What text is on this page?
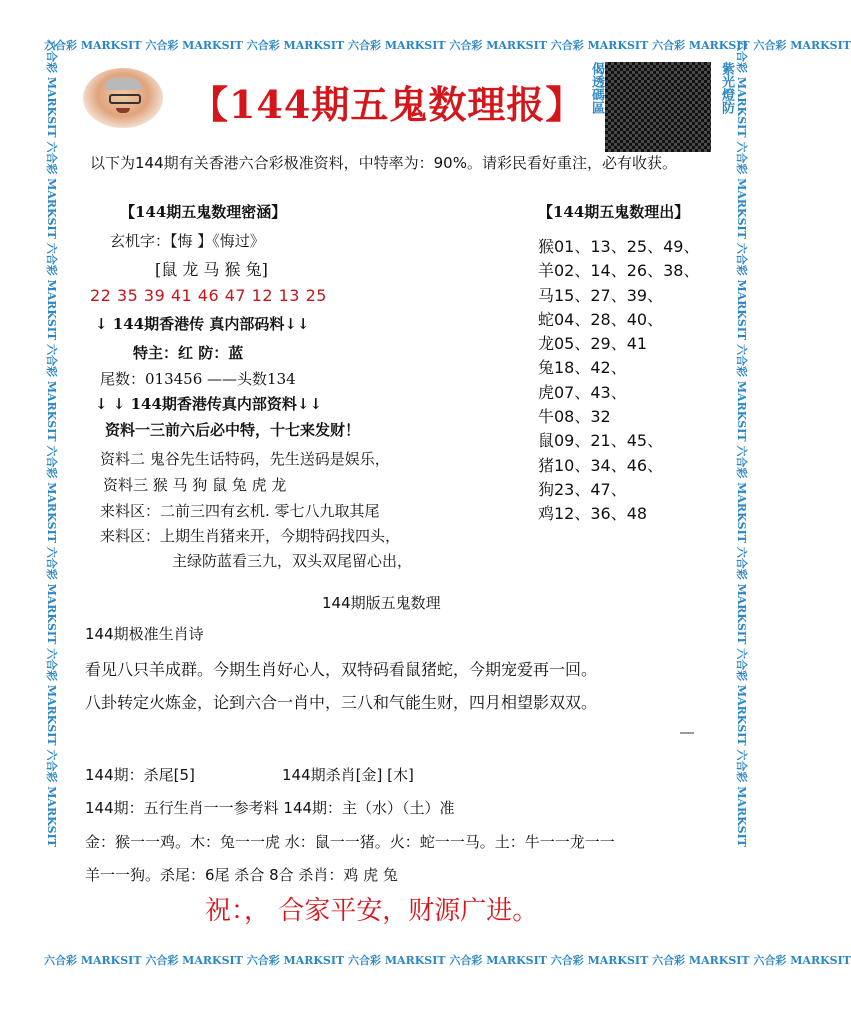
六合彩 MARKSIT 六合彩 MARKSIT 六合彩 MARKSIT 六合彩 MARKSIT 六合彩 MARKSIT 六合彩 MARKSIT 六合彩 MARKSIT 六合彩 MARKSIT
六合彩 MARKSIT 六合彩 MARKSIT 六合彩 MARKSIT 六合彩 MARKSIT 六合彩 MARKSIT 六合彩 MARKSIT 六合彩 MARKSIT 六合彩 MARKSIT
六合彩 MARKSIT 六合彩 MARKSIT 六合彩 MARKSIT 六合彩 MARKSIT 六合彩 MARKSIT 六合彩 MARKSIT 六合彩 MARKSIT 六合彩 MARKSIT	六合彩 MARKSIT 六合彩 MARKSIT 六合彩 MARKSIT 六合彩 MARKSIT 六合彩 MARKSIT 六合彩 MARKSIT 六合彩 MARKSIT 六合彩 MARKSIT
【144期五鬼数理报】 偈透碼區	紫光燈防
以下为144期有关香港六合彩极准资料，中特率为：90%。请彩民看好重注，必有收获。
【144期五鬼数理密涵】
玄机字：【悔 】《悔过》
[鼠 龙 马 猴 兔]
22 35 39 41 46 47 12 13 25
↓ 144期香港传 真内部码料↓↓
特主：红 防：蓝
尾数：013456 ——头数134
↓ ↓ 144期香港传真内部资料↓↓
资料一三前六后必中特，十七来发财！
资料二 鬼谷先生话特码，先生送码是娱乐，
资料三 猴 马 狗 鼠 兔 虎 龙
来料区：二前三四有玄机. 零七八九取其尾
来料区：上期生肖猪来开，今期特码找四头，
主绿防蓝看三九，双头双尾留心出，
【144期五鬼数理出】
猴01、13、25、49、
羊02、14、26、38、
马15、27、39、
蛇04、28、40、
龙05、29、41
兔18、42、
虎07、43、
牛08、32
鼠09、21、45、
猪10、34、46、
狗23、47、
鸡12、36、48
144期版五鬼数理
144期极准生肖诗
看见八只羊成群。今期生肖好心人，双特码看鼠猪蛇，今期宠爱再一回。
八卦转定火炼金，论到六合一肖中，三八和气能生财，四月相望影双双。
144期：杀尾[5]	144期杀肖[金] [木]
144期：五行生肖一一参考料 144期：主（水）（土）准
金：猴一一鸡。木：兔一一虎 水：鼠一一猪。火：蛇一一马。土：牛一一龙一一
羊一一狗。杀尾：6尾 杀合 8合 杀肖：鸡 虎 兔
祝：， 合家平安，财源广进。
